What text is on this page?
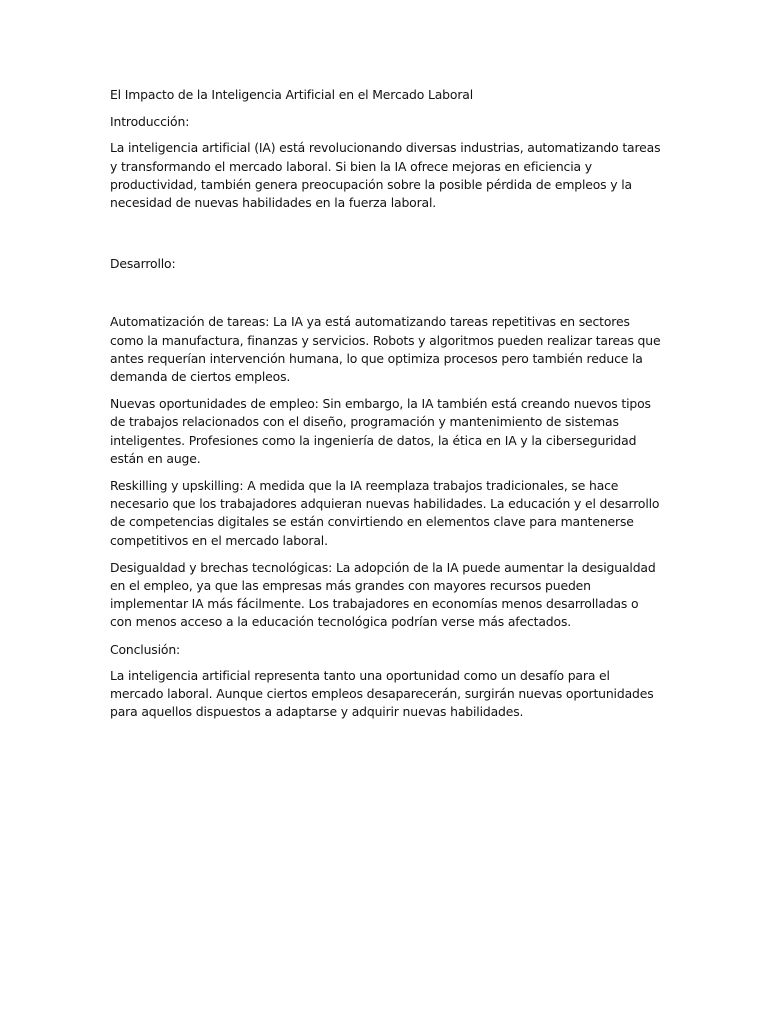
El Impacto de la Inteligencia Artificial en el Mercado Laboral

Introducción:

La inteligencia artificial (IA) está revolucionando diversas industrias, automatizando tareas y transformando el mercado laboral. Si bien la IA ofrece mejoras en eficiencia y productividad, también genera preocupación sobre la posible pérdida de empleos y la necesidad de nuevas habilidades en la fuerza laboral.

Desarrollo:

Automatización de tareas: La IA ya está automatizando tareas repetitivas en sectores como la manufactura, finanzas y servicios. Robots y algoritmos pueden realizar tareas que antes requerían intervención humana, lo que optimiza procesos pero también reduce la demanda de ciertos empleos.

Nuevas oportunidades de empleo: Sin embargo, la IA también está creando nuevos tipos de trabajos relacionados con el diseño, programación y mantenimiento de sistemas inteligentes. Profesiones como la ingeniería de datos, la ética en IA y la ciberseguridad están en auge.

Reskilling y upskilling: A medida que la IA reemplaza trabajos tradicionales, se hace necesario que los trabajadores adquieran nuevas habilidades. La educación y el desarrollo de competencias digitales se están convirtiendo en elementos clave para mantenerse competitivos en el mercado laboral.

Desigualdad y brechas tecnológicas: La adopción de la IA puede aumentar la desigualdad en el empleo, ya que las empresas más grandes con mayores recursos pueden implementar IA más fácilmente. Los trabajadores en economías menos desarrolladas o con menos acceso a la educación tecnológica podrían verse más afectados.

Conclusión:

La inteligencia artificial representa tanto una oportunidad como un desafío para el mercado laboral. Aunque ciertos empleos desaparecerán, surgirán nuevas oportunidades para aquellos dispuestos a adaptarse y adquirir nuevas habilidades.
